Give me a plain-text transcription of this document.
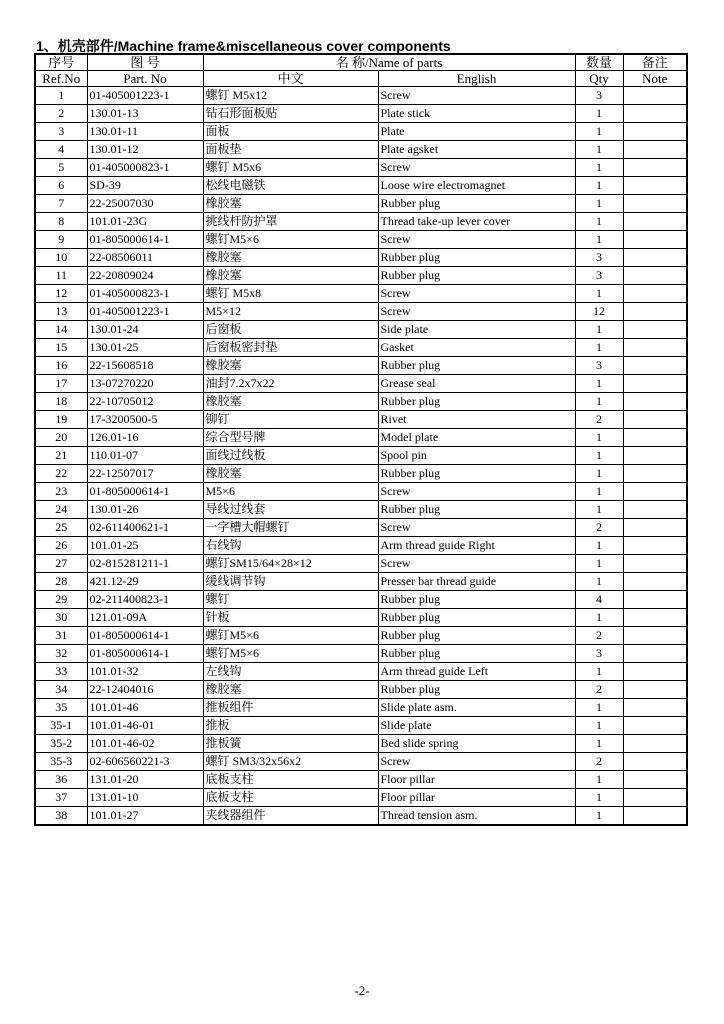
1、机壳部件/Machine frame&miscellaneous cover components
序号	图 号	名 称/Name of parts		数量	备注
Ref.No	Part. No	中文	English	Qty	Note
1	01-405001223-1	螺钉 M5x12	Screw	3	
2	130.01-13	钻石形面板贴	Plate stick	1	
3	130.01-11	面板	Plate	1	
4	130.01-12	面板垫	Plate agsket	1	
5	01-405000823-1	螺钉 M5x6	Screw	1	
6	SD-39	松线电磁铁	Loose wire electromagnet	1	
7	22-25007030	橡胶塞	Rubber plug	1	
8	101.01-23G	挑线杆防护罩	Thread take-up lever cover	1	
9	01-805000614-1	螺钉M5×6	Screw	1	
10	22-08506011	橡胶塞	Rubber plug	3	
11	22-20809024	橡胶塞	Rubber plug	3	
12	01-405000823-1	螺钉 M5x8	Screw	1	
13	01-405001223-1	M5×12	Screw	12	
14	130.01-24	后窗板	Side plate	1	
15	130.01-25	后窗板密封垫	Gasket	1	
16	22-15608518	橡胶塞	Rubber plug	3	
17	13-07270220	油封7.2x7x22	Grease seal	1	
18	22-10705012	橡胶塞	Rubber plug	1	
19	17-3200500-5	铆钉	Rivet	2	
20	126.01-16	综合型号牌	Model plate	1	
21	110.01-07	面线过线板	Spool pin	1	
22	22-12507017	橡胶塞	Rubber plug	1	
23	01-805000614-1	M5×6	Screw	1	
24	130.01-26	导线过线套	Rubber plug	1	
25	02-611400621-1	一字槽大帽螺钉	Screw	2	
26	101.01-25	右线钩	Arm thread guide Right	1	
27	02-815281211-1	螺钉SM15/64×28×12	Screw	1	
28	421.12-29	缓线调节钩	Presser bar thread guide	1	
29	02-211400823-1	螺钉	Rubber plug	4	
30	121.01-09A	针板	Rubber plug	1	
31	01-805000614-1	螺钉M5×6	Rubber plug	2	
32	01-805000614-1	螺钉M5×6	Rubber plug	3	
33	101.01-32	左线钩	Arm thread guide Left	1	
34	22-12404016	橡胶塞	Rubber plug	2	
35	101.01-46	推板组件	Slide plate asm.	1	
35-1	101.01-46-01	推板	Slide plate	1	
35-2	101.01-46-02	推板簧	Bed slide spring	1	
35-3	02-606560221-3	螺钉 SM3/32x56x2	Screw	2	
36	131.01-20	底板支柱	Floor pillar	1	
37	131.01-10	底板支柱	Floor pillar	1	
38	101.01-27	夹线器组件	Thread tension asm.	1	
-2-
